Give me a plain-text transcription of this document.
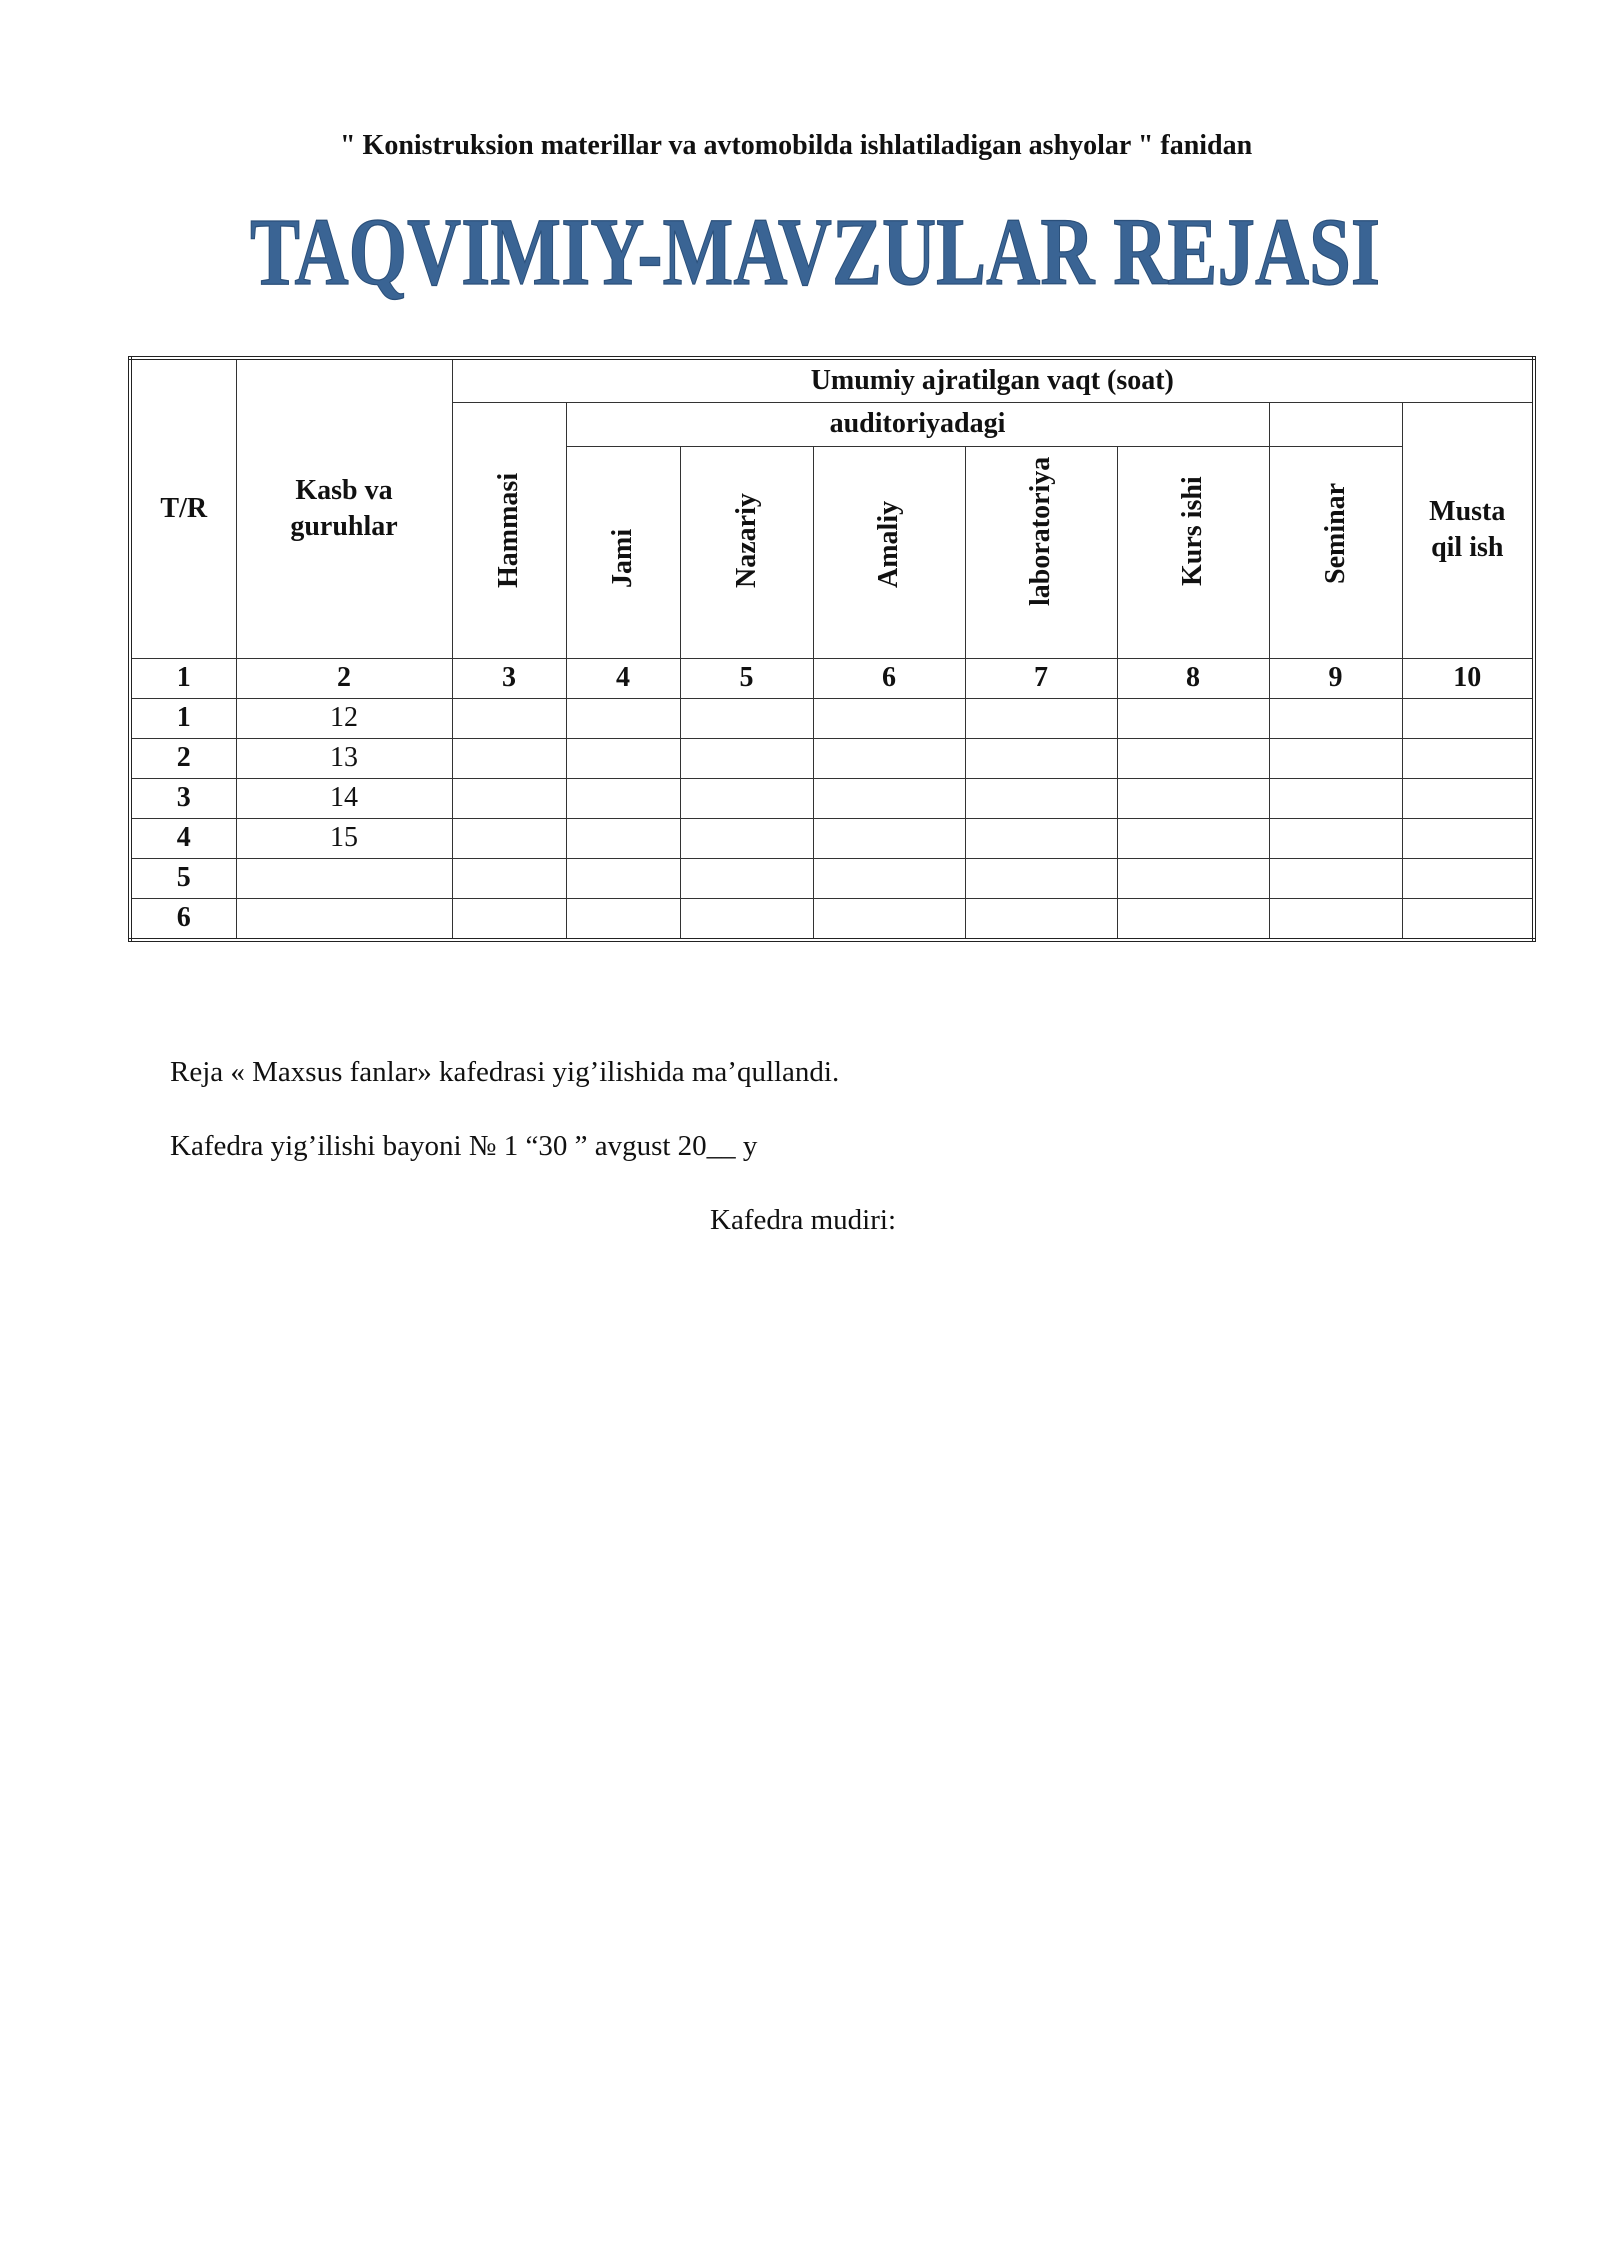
" Konistruksion materillar va avtomobilda ishlatiladigan ashyolar " fanidan
TAQVIMIY-MAVZULAR REJASI
T/R	Kasb va guruhlar	Umumiy ajratilgan vaqt (soat)							

		Hammasi	auditoriyadagi						Musta qil ish

			Jami	Nazariy	Amaliy	laboratoriya	Kurs ishi	Seminar	

1	2	3	4	5	6	7	8	9	10
1	12								
2	13								
3	14								
4	15								
5									
6									
Reja « Maxsus fanlar» kafedrasi yig’ilishida ma’qullandi.
Kafedra yig’ilishi bayoni № 1 “30 ” avgust 20__ y
Kafedra mudiri:
